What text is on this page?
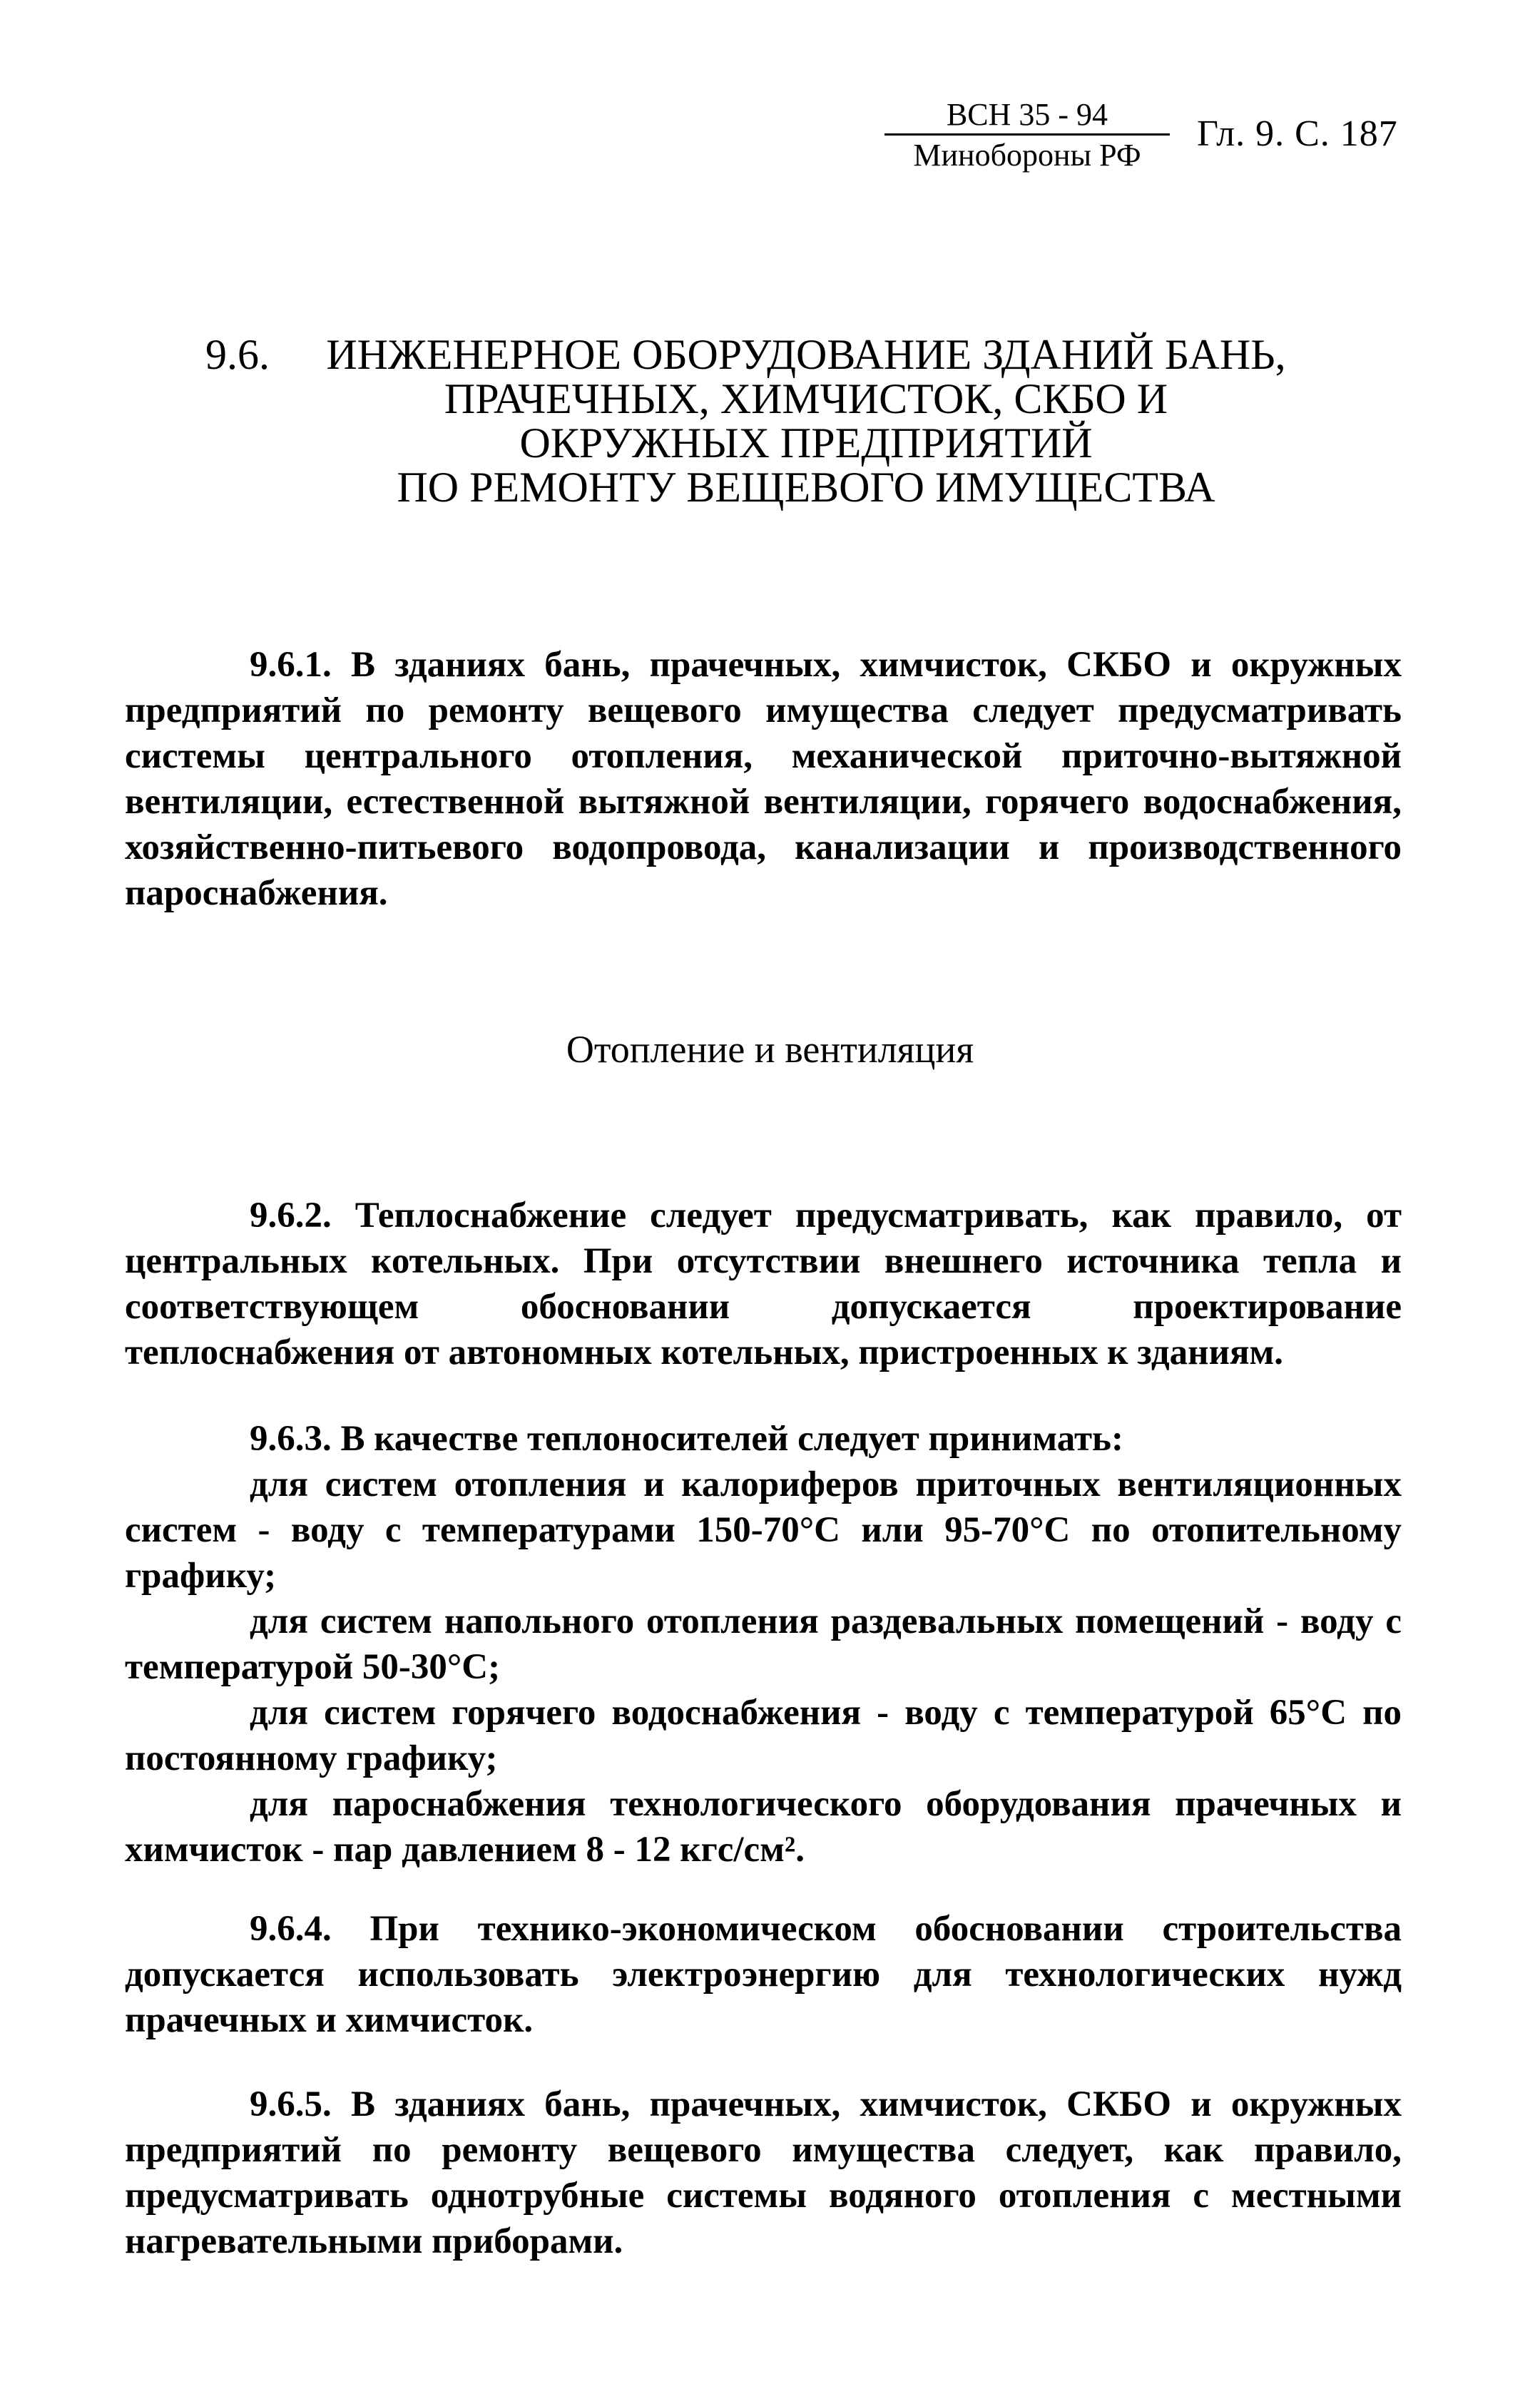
ВСН 35 - 94
Минобороны РФ
Гл. 9. С. 187
9.6.	ИНЖЕНЕРНОЕ ОБОРУДОВАНИЕ ЗДАНИЙ БАНЬ,
ПРАЧЕЧНЫХ, ХИМЧИСТОК, СКБО И
ОКРУЖНЫХ ПРЕДПРИЯТИЙ
ПО РЕМОНТУ ВЕЩЕВОГО ИМУЩЕСТВА

9.6.1. В зданиях бань, прачечных, химчисток, СКБО и окружных предприятий по ремонту вещевого имущества следует предусматривать системы центрального отопления, механической приточно-вытяжной вентиляции, естественной вытяжной вентиляции, горячего водоснабжения, хозяйственно-питьевого водопровода, канализации и производственного пароснабжения.

Отопление и вентиляция

9.6.2. Теплоснабжение следует предусматривать, как правило, от центральных котельных. При отсутствии внешнего источника тепла и соответствующем обосновании допускается проектирование теплоснабжения от автономных котельных, пристроенных к зданиям.

9.6.3. В качестве теплоносителей следует принимать:

для систем отопления и калориферов приточных вентиляционных систем - воду с температурами 150-70°С или 95-70°С по отопительному графику;

для систем напольного отопления раздевальных помещений - воду с температурой 50-30°С;

для систем горячего водоснабжения - воду с температурой 65°С по постоянному графику;

для пароснабжения технологического оборудования прачечных и химчисток - пар давлением 8 - 12 кгс/см².

9.6.4. При технико-экономическом обосновании строительства допускается использовать электроэнергию для технологических нужд прачечных и химчисток.

9.6.5. В зданиях бань, прачечных, химчисток, СКБО и окружных предприятий по ремонту вещевого имущества следует, как правило, предусматривать однотрубные системы водяного отопления с местными нагревательными приборами.
